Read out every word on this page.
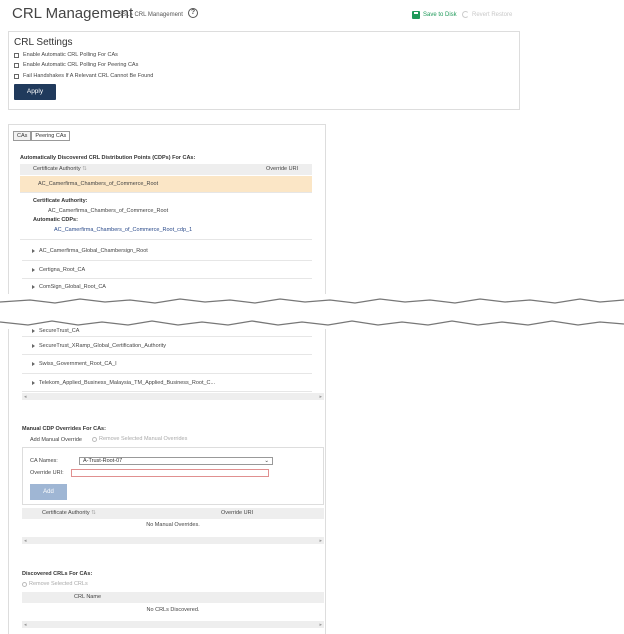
CRL Management
SSL › CRL Management	?	Save to Disk	Revert Restore
CRL Settings
Enable Automatic CRL Polling For CAs
Enable Automatic CRL Polling For Peering CAs
Fail Handshakes If A Relevant CRL Cannot Be Found
Apply
CAs	Peering CAs
Automatically Discovered CRL Distribution Points (CDPs) For CAs:
Certificate Authority ⇅	Override URI
AC_Camerfirma_Chambers_of_Commerce_Root
Certificate Authority:
AC_Camerfirma_Chambers_of_Commerce_Root
Automatic CDPs:
AC_Camerfirma_Chambers_of_Commerce_Root_cdp_1
AC_Camerfirma_Global_Chambersign_Root
Certigna_Root_CA
ComSign_Global_Root_CA
SecureTrust_CA
SecureTrust_XRamp_Global_Certification_Authority
Swiss_Government_Root_CA_I
Telekom_Applied_Business_Malaysia_TM_Applied_Business_Root_C...
◂	▸
Manual CDP Overrides For CAs:
Add Manual Override	Remove Selected Manual Overrides
CA Names:	A-Trust-Root-07	⌄
Override URI:
Add
Certificate Authority ⇅	Override URI
No Manual Overrides.
◂	▸
Discovered CRLs For CAs:
Remove Selected CRLs
CRL Name
No CRLs Discovered.
◂	▸
